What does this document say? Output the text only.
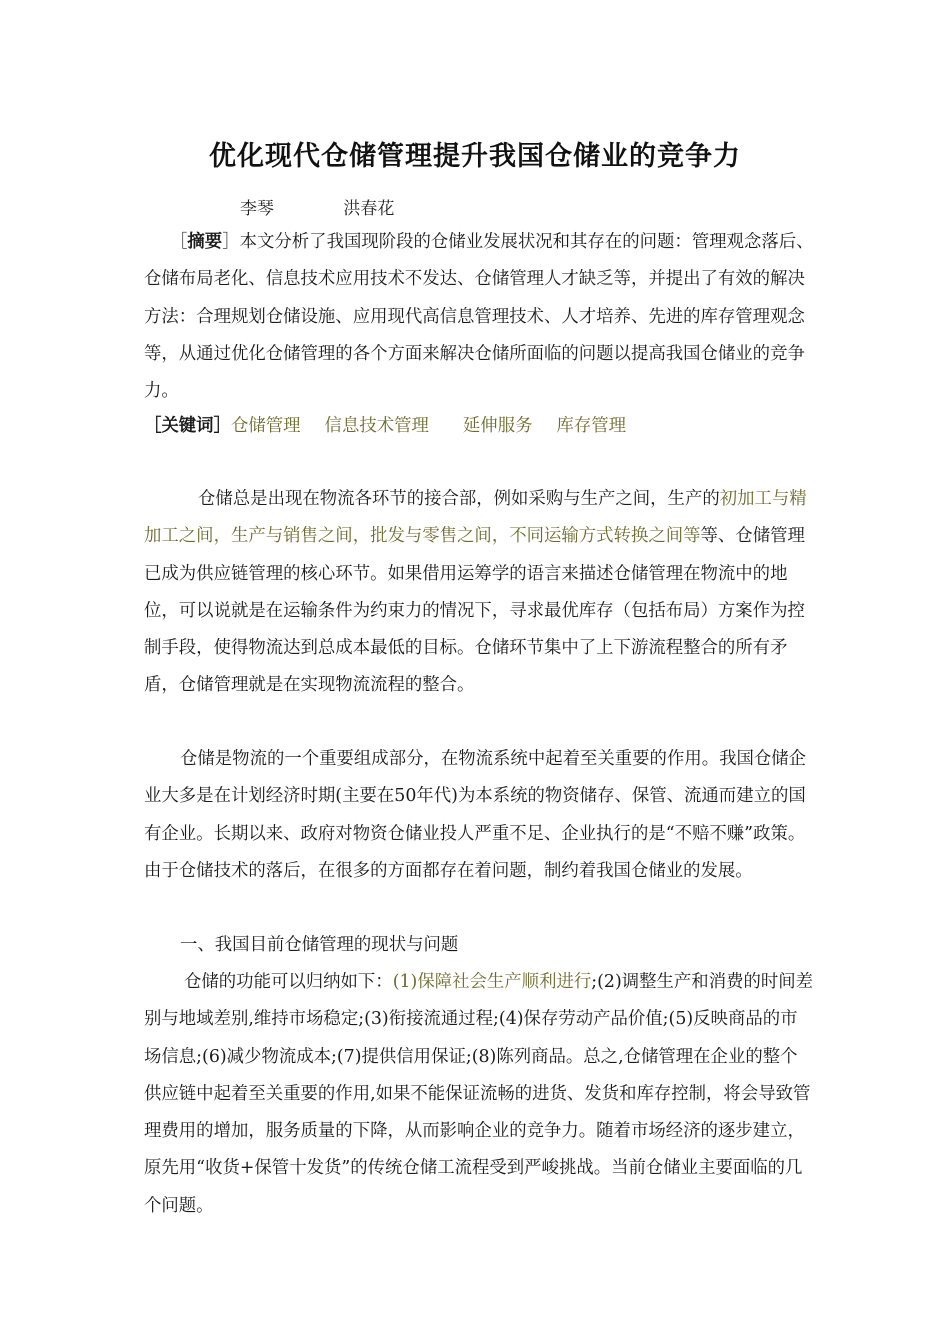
优化现代仓储管理提升我国仓储业的竞争力
李琴	洪春花
［摘要］本文分析了我国现阶段的仓储业发展状况和其存在的问题：管理观念落后、仓储布局老化、信息技术应用技术不发达、仓储管理人才缺乏等，并提出了有效的解决方法：合理规划仓储设施、应用现代高信息管理技术、人才培养、先进的库存管理观念等，从通过优化仓储管理的各个方面来解决仓储所面临的问题以提高我国仓储业的竞争力。
［关键词］仓储管理 信息技术管理 延伸服务 库存管理
仓储总是出现在物流各环节的接合部，例如采购与生产之间，生产的初加工与精加工之间，生产与销售之间，批发与零售之间，不同运输方式转换之间等等、仓储管理已成为供应链管理的核心环节。如果借用运筹学的语言来描述仓储管理在物流中的地位，可以说就是在运输条件为约束力的情况下，寻求最优库存（包括布局）方案作为控制手段，使得物流达到总成本最低的目标。仓储环节集中了上下游流程整合的所有矛盾，仓储管理就是在实现物流流程的整合。
仓储是物流的一个重要组成部分，在物流系统中起着至关重要的作用。我国仓储企业大多是在计划经济时期(主要在50年代)为本系统的物资储存、保管、流通而建立的国有企业。长期以来、政府对物资仓储业投人严重不足、企业执行的是“不赔不赚”政策。由于仓储技术的落后，在很多的方面都存在着问题，制约着我国仓储业的发展。
一、我国目前仓储管理的现状与问题
仓储的功能可以归纳如下：(1)保障社会生产顺利进行;(2)调整生产和消费的时间差别与地域差别,维持市场稳定;(3)衔接流通过程;(4)保存劳动产品价值;(5)反映商品的市场信息;(6)减少物流成本;(7)提供信用保证;(8)陈列商品。总之,仓储管理在企业的整个供应链中起着至关重要的作用,如果不能保证流畅的进货、发货和库存控制，将会导致管理费用的增加，服务质量的下降，从而影响企业的竞争力。随着市场经济的逐步建立，原先用“收货+保管十发货”的传统仓储工流程受到严峻挑战。当前仓储业主要面临的几个问题。
